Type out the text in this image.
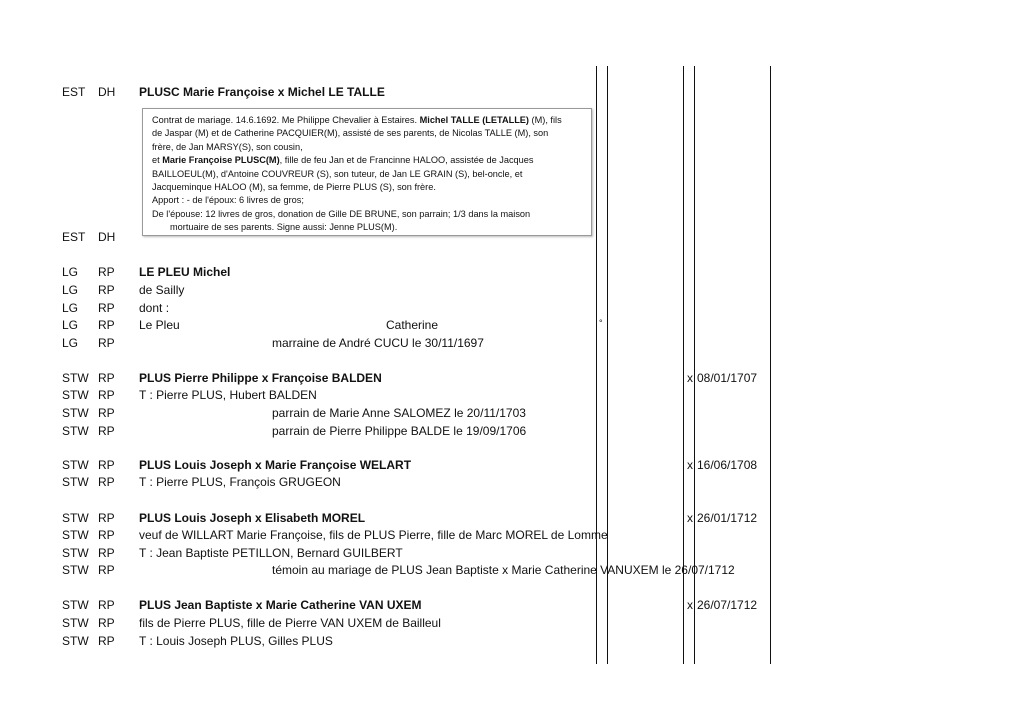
EST DH PLUSC Marie Françoise x Michel LE TALLE
EST DH
LG RP LE PLEU Michel
LG RP de Sailly
LG RP dont :
LG RP Le Pleu	Catherine
LG RP	marraine de André CUCU le 30/11/1697
STW RP PLUS Pierre Philippe x Françoise BALDEN	x 08/01/1707
STW RP T : Pierre PLUS, Hubert BALDEN
STW RP	parrain de Marie Anne SALOMEZ le 20/11/1703
STW RP	parrain de Pierre Philippe BALDE le 19/09/1706
STW RP PLUS Louis Joseph x Marie Françoise WELART	x 16/06/1708
STW RP T : Pierre PLUS, François GRUGEON
STW RP PLUS Louis Joseph x Elisabeth MOREL	x 26/01/1712
STW RP veuf de WILLART Marie Françoise, fils de PLUS Pierre, fille de Marc MOREL de Lomme
STW RP T : Jean Baptiste PETILLON, Bernard GUILBERT
STW RP	témoin au mariage de PLUS Jean Baptiste x Marie Catherine VANUXEM le 26/07/1712
STW RP PLUS Jean Baptiste x Marie Catherine VAN UXEM	x 26/07/1712
STW RP fils de Pierre PLUS, fille de Pierre VAN UXEM de Bailleul
STW RP T : Louis Joseph PLUS, Gilles PLUS
°

Contrat de mariage. 14.6.1692. Me Philippe Chevalier à Estaires. Michel TALLE (LETALLE) (M), fils

de Jaspar (M) et de Catherine PACQUIER(M), assisté de ses parents, de Nicolas TALLE (M), son

frère, de Jan MARSY(S), son cousin,

et Marie Françoise PLUSC(M), fille de feu Jan et de Francinne HALOO, assistée de Jacques

BAILLOEUL(M), d'Antoine COUVREUR (S), son tuteur, de Jan LE GRAIN (S), bel-oncle, et

Jacqueminque HALOO (M), sa femme, de Pierre PLUS (S), son frère.

Apport : - de l'époux: 6 livres de gros;

De l'épouse: 12 livres de gros, donation de Gille DE BRUNE, son parrain; 1/3 dans la maison

mortuaire de ses parents. Signe aussi: Jenne PLUS(M).
